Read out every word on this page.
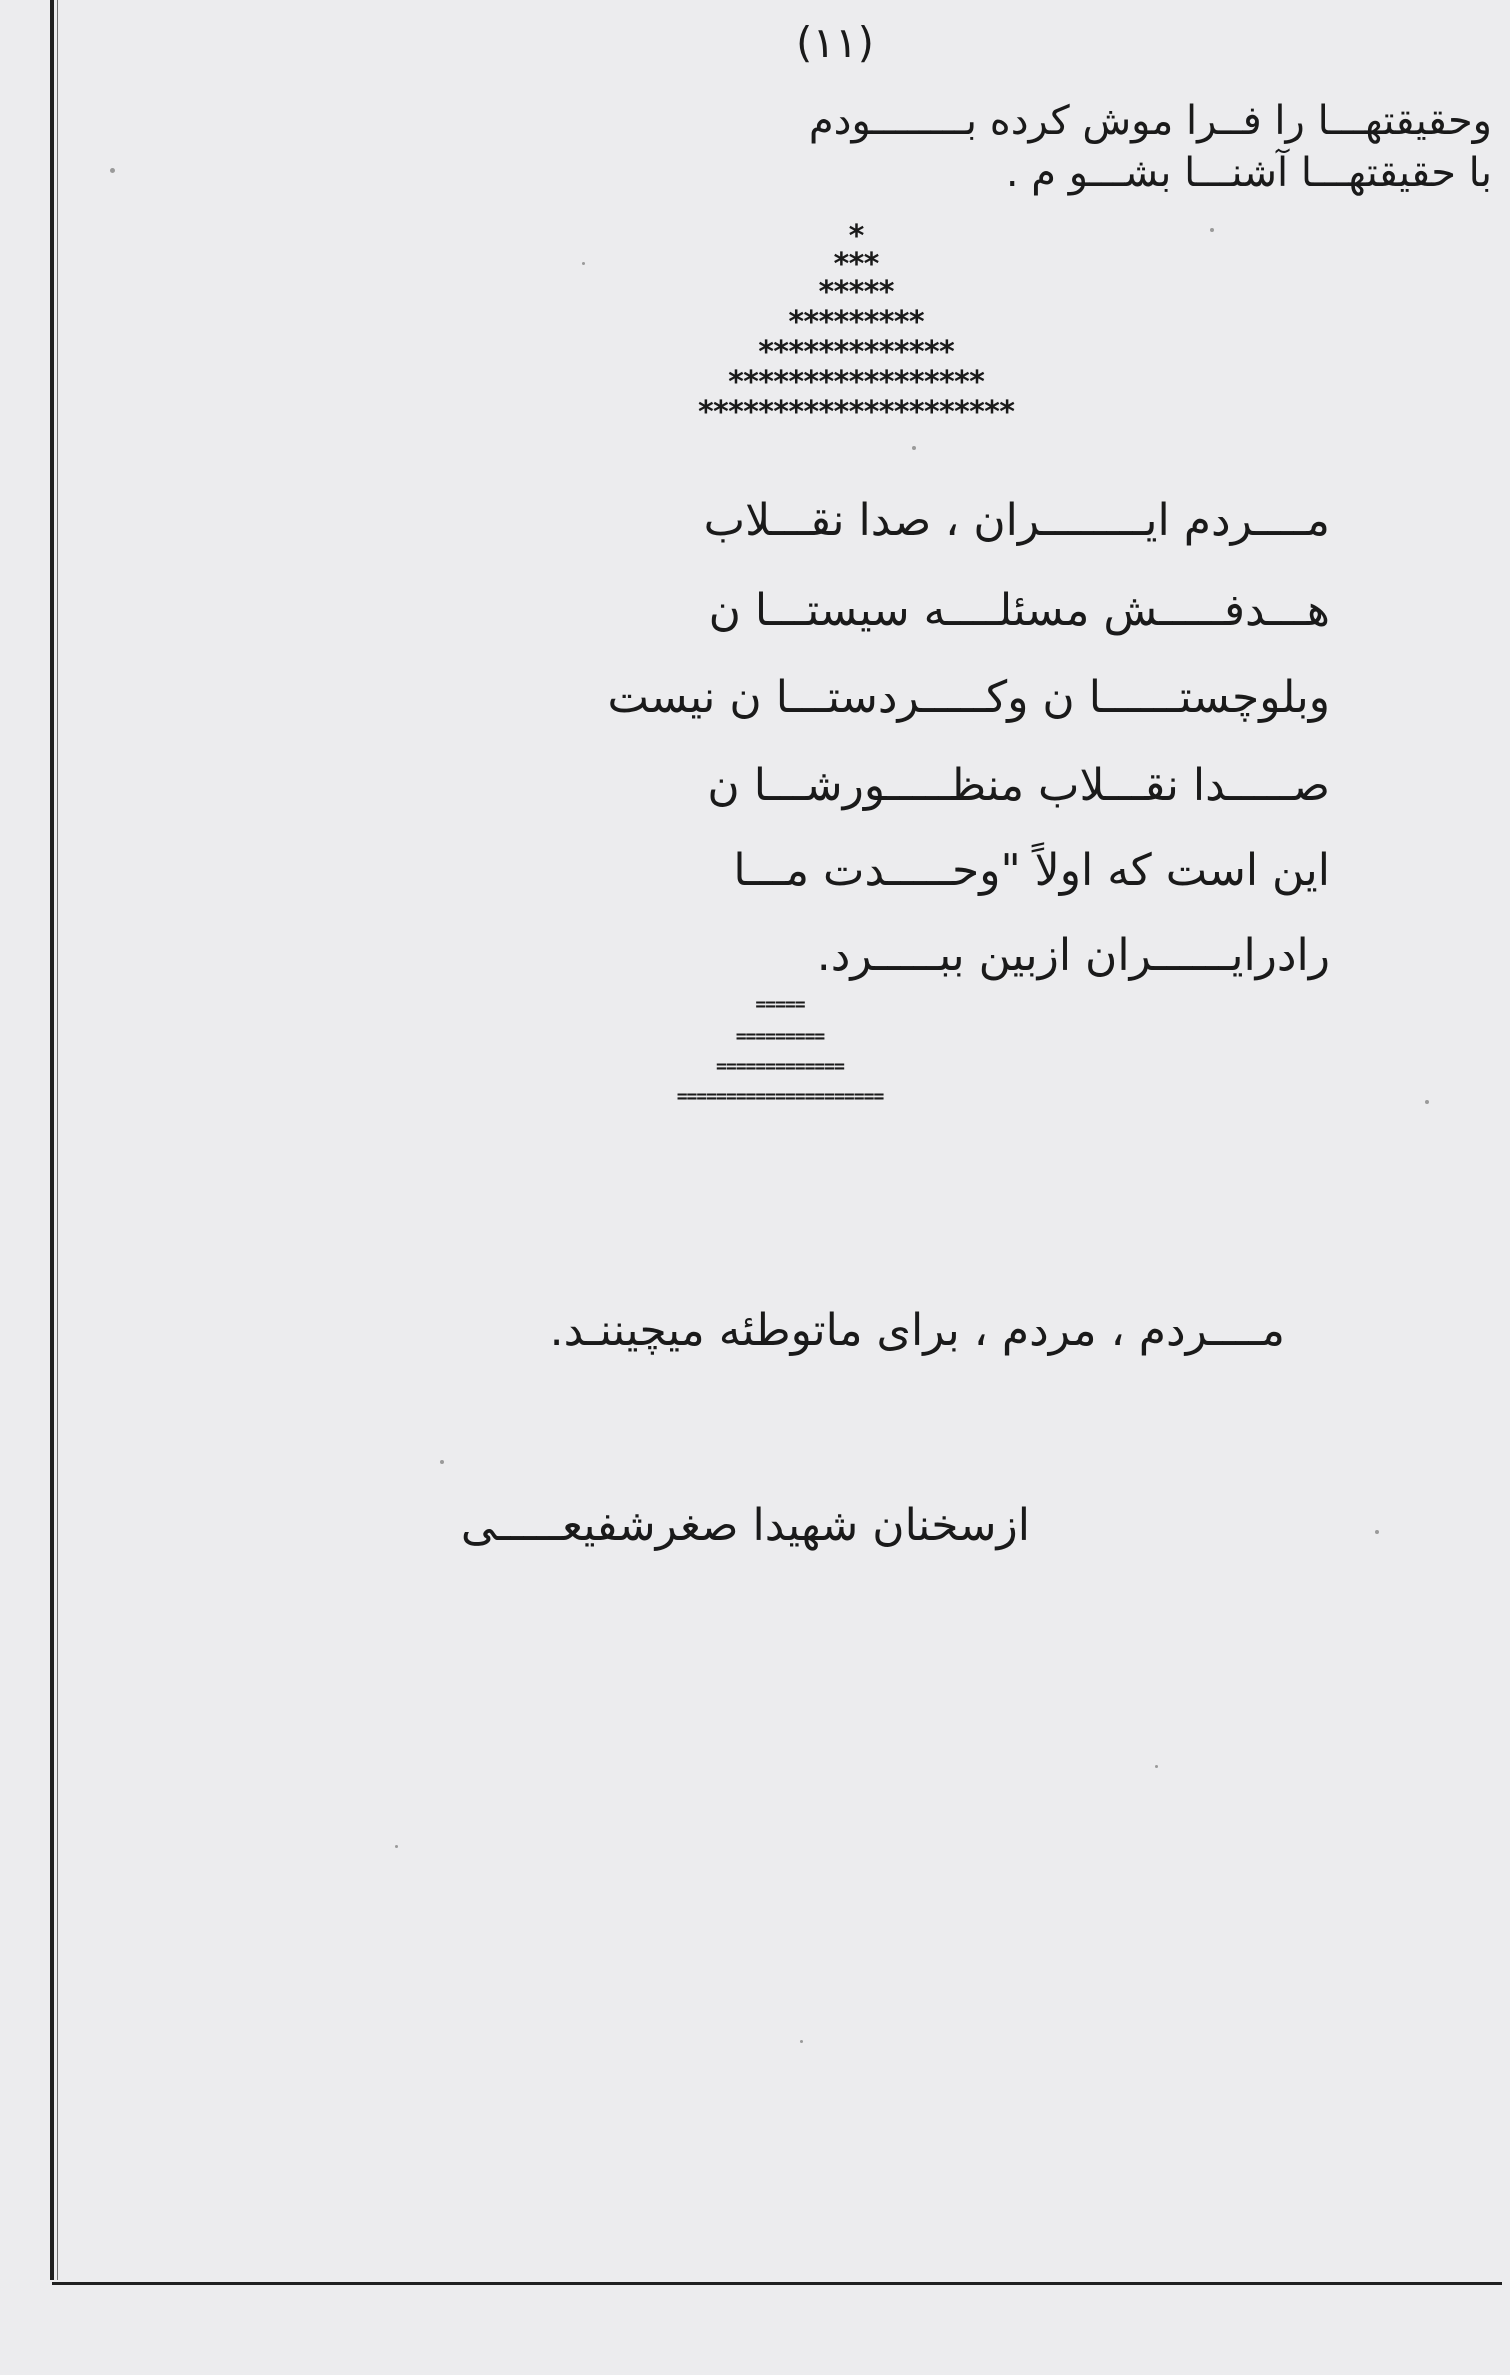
(۱۱)
وحقیقتهـــا را فــرا موش کرده بــــــــودم
با حقیقتهـــا آشنـــا بشـــو م .
*
***
*****
*********
*************
*****************
*********************
مــــردم ایــــــــران ، صدا نقـــلاب
هـــدفـــــش مسئلــــه سیستـــا ن
وبلوچستــــــا ن وکـــــردستـــا ن نیست
صـــــدا نقـــلاب منظـــــورشـــا ن
این است که اولاً "وحـــــدت مـــا
رادرایــــــران ازبین ببـــــرد.
=====
=========
=============
=====================
مــــردم ، مردم ، برای ماتوطئه میچیننـد.
ازسخنان شهیدا صغرشفیعـــــی
